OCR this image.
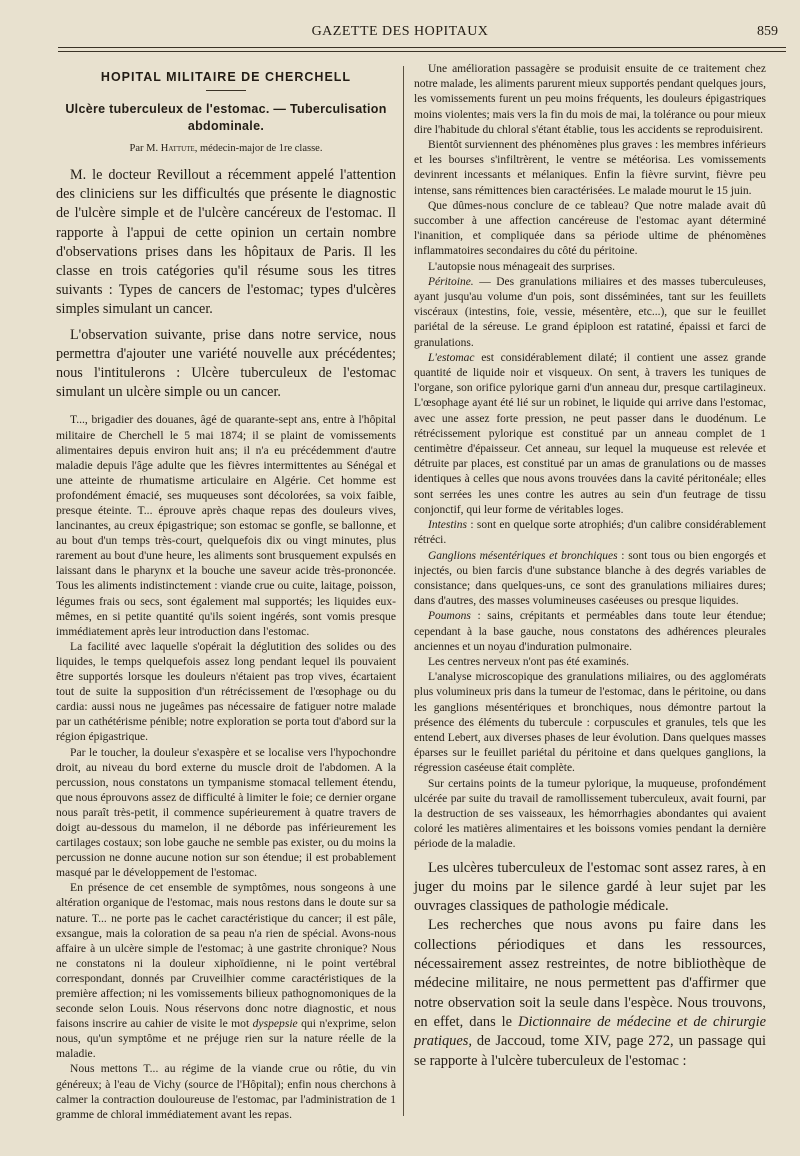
GAZETTE DES HOPITAUX	859
HOPITAL MILITAIRE DE CHERCHELL
Ulcère tuberculeux de l'estomac. — Tuberculisation
abdominale.
Par M. Hattute, médecin-major de 1re classe.

M. le docteur Revillout a récemment appelé l'attention des cliniciens sur les difficultés que présente le diagnostic de l'ulcère simple et de l'ulcère cancéreux de l'estomac. Il rapporte à l'appui de cette opinion un certain nombre d'observations prises dans les hôpitaux de Paris. Il les classe en trois catégories qu'il résume sous les titres suivants : Types de cancers de l'estomac; types d'ulcères simples simulant un cancer.

L'observation suivante, prise dans notre service, nous permettra d'ajouter une variété nouvelle aux précédentes; nous l'intitulerons : Ulcère tuberculeux de l'estomac simulant un ulcère simple ou un cancer.

T..., brigadier des douanes, âgé de quarante-sept ans, entre à l'hôpital militaire de Cherchell le 5 mai 1874; il se plaint de vomissements alimentaires depuis environ huit ans; il n'a eu précédemment d'autre maladie depuis l'âge adulte que les fièvres intermittentes au Sénégal et une atteinte de rhumatisme articulaire en Algérie. Cet homme est profondément émacié, ses muqueuses sont décolorées, sa voix faible, presque éteinte. T... éprouve après chaque repas des douleurs vives, lancinantes, au creux épigastrique; son estomac se gonfle, se ballonne, et au bout d'un temps très-court, quelquefois dix ou vingt minutes, plus rarement au bout d'une heure, les aliments sont brusquement expulsés en laissant dans le pharynx et la bouche une saveur acide très-prononcée. Tous les aliments indistinctement : viande crue ou cuite, laitage, poisson, légumes frais ou secs, sont également mal supportés; les liquides eux-mêmes, en si petite quantité qu'ils soient ingérés, sont vomis presque immédiatement après leur introduction dans l'estomac.

La facilité avec laquelle s'opérait la déglutition des solides ou des liquides, le temps quelquefois assez long pendant lequel ils pouvaient être supportés lorsque les douleurs n'étaient pas trop vives, écartaient tout de suite la supposition d'un rétrécissement de l'œsophage ou du cardia: aussi nous ne jugeâmes pas nécessaire de fatiguer notre malade par un cathétérisme pénible; notre exploration se porta tout d'abord sur la région épigastrique.

Par le toucher, la douleur s'exaspère et se localise vers l'hypochondre droit, au niveau du bord externe du muscle droit de l'abdomen. A la percussion, nous constatons un tympanisme stomacal tellement étendu, que nous éprouvons assez de difficulté à limiter le foie; ce dernier organe nous paraît très-petit, il commence supérieurement à quatre travers de doigt au-dessous du mamelon, il ne déborde pas inférieurement les cartilages costaux; son lobe gauche ne semble pas exister, ou du moins la percussion ne donne aucune notion sur son étendue; il est probablement masqué par le développement de l'estomac.

En présence de cet ensemble de symptômes, nous songeons à une altération organique de l'estomac, mais nous restons dans le doute sur sa nature. T... ne porte pas le cachet caractéristique du cancer; il est pâle, exsangue, mais la coloration de sa peau n'a rien de spécial. Avons-nous affaire à un ulcère simple de l'estomac; à une gastrite chronique? Nous ne constatons ni la douleur xiphoïdienne, ni le point vertébral correspondant, donnés par Cruveilhier comme caractéristiques de la première affection; ni les vomissements bilieux pathognomoniques de la seconde selon Louis. Nous réservons donc notre diagnostic, et nous faisons inscrire au cahier de visite le mot dyspepsie qui n'exprime, selon nous, qu'un symptôme et ne préjuge rien sur la nature réelle de la maladie.

Nous mettons T... au régime de la viande crue ou rôtie, du vin généreux; à l'eau de Vichy (source de l'Hôpital); enfin nous cherchons à calmer la contraction douloureuse de l'estomac, par l'administration de 1 gramme de chloral immédiatement avant les repas.

Une amélioration passagère se produisit ensuite de ce traitement chez notre malade, les aliments parurent mieux supportés pendant quelques jours, les vomissements furent un peu moins fréquents, les douleurs épigastriques moins violentes; mais vers la fin du mois de mai, la tolérance ou pour mieux dire l'habitude du chloral s'étant établie, tous les accidents se reproduisirent.

Bientôt surviennent des phénomènes plus graves : les membres inférieurs et les bourses s'infiltrèrent, le ventre se météorisa. Les vomissements devinrent incessants et mélaniques. Enfin la fièvre survint, fièvre peu intense, sans rémittences bien caractérisées. Le malade mourut le 15 juin.

Que dûmes-nous conclure de ce tableau? Que notre malade avait dû succomber à une affection cancéreuse de l'estomac ayant déterminé l'inanition, et compliquée dans sa période ultime de phénomènes inflammatoires secondaires du côté du péritoine.

L'autopsie nous ménageait des surprises.

Péritoine. — Des granulations miliaires et des masses tuberculeuses, ayant jusqu'au volume d'un pois, sont disséminées, tant sur les feuillets viscéraux (intestins, foie, vessie, mésentère, etc...), que sur le feuillet pariétal de la séreuse. Le grand épiploon est ratatiné, épaissi et farci de granulations.

L'estomac est considérablement dilaté; il contient une assez grande quantité de liquide noir et visqueux. On sent, à travers les tuniques de l'organe, son orifice pylorique garni d'un anneau dur, presque cartilagineux. L'œsophage ayant été lié sur un robinet, le liquide qui arrive dans l'estomac, avec une assez forte pression, ne peut passer dans le duodénum. Le rétrécissement pylorique est constitué par un anneau complet de 1 centimètre d'épaisseur. Cet anneau, sur lequel la muqueuse est relevée et détruite par places, est constitué par un amas de granulations ou de masses identiques à celles que nous avons trouvées dans la cavité péritonéale; elles sont serrées les unes contre les autres au sein d'un feutrage de tissu conjonctif, qui leur forme de véritables loges.

Intestins : sont en quelque sorte atrophiés; d'un calibre considérablement rétréci.

Ganglions mésentériques et bronchiques : sont tous ou bien engorgés et injectés, ou bien farcis d'une substance blanche à des degrés variables de consistance; dans quelques-uns, ce sont des granulations miliaires dures; dans d'autres, des masses volumineuses caséeuses ou presque liquides.

Poumons : sains, crépitants et perméables dans toute leur étendue; cependant à la base gauche, nous constatons des adhérences pleurales anciennes et un noyau d'induration pulmonaire.

Les centres nerveux n'ont pas été examinés.

L'analyse microscopique des granulations miliaires, ou des agglomérats plus volumineux pris dans la tumeur de l'estomac, dans le péritoine, ou dans les ganglions mésentériques et bronchiques, nous démontre partout la présence des éléments du tubercule : corpuscules et granules, tels que les entend Lebert, aux diverses phases de leur évolution. Dans quelques masses éparses sur le feuillet pariétal du péritoine et dans quelques ganglions, la régression caséeuse était complète.

Sur certains points de la tumeur pylorique, la muqueuse, profondément ulcérée par suite du travail de ramollissement tuberculeux, avait fourni, par la destruction de ses vaisseaux, les hémorrhagies abondantes qui avaient coloré les matières alimentaires et les boissons vomies pendant la dernière période de la maladie.

Les ulcères tuberculeux de l'estomac sont assez rares, à en juger du moins par le silence gardé à leur sujet par les ouvrages classiques de pathologie médicale.

Les recherches que nous avons pu faire dans les collections périodiques et dans les ressources, nécessairement assez restreintes, de notre bibliothèque de médecine militaire, ne nous permettent pas d'affirmer que notre observation soit la seule dans l'espèce. Nous trouvons, en effet, dans le Dictionnaire de médecine et de chirurgie pratiques, de Jaccoud, tome XIV, page 272, un passage qui se rapporte à l'ulcère tuberculeux de l'estomac :
